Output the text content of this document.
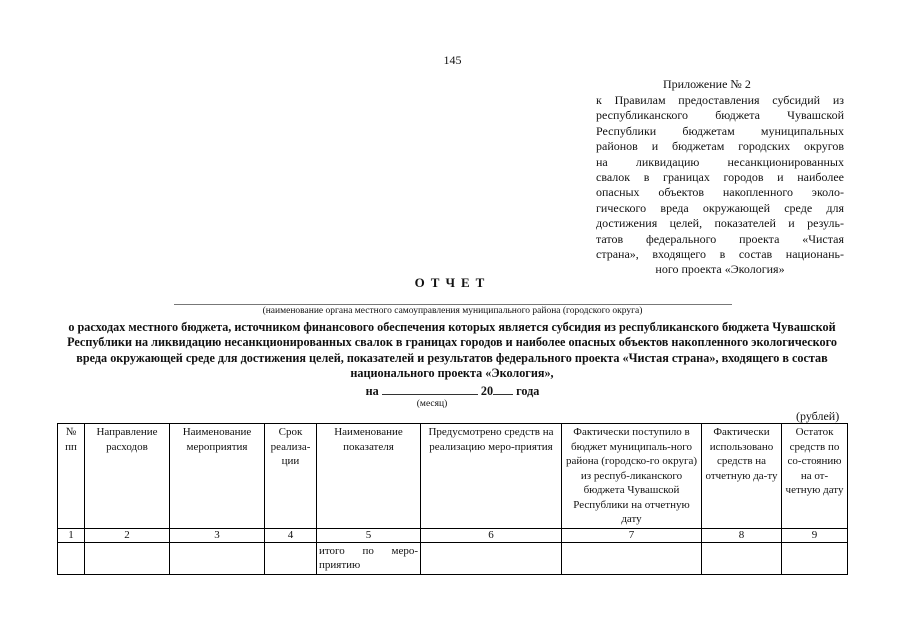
145
Приложение № 2
к Правилам предоставления субсидий из
республиканского бюджета Чувашской
Республики бюджетам муниципальных
районов и бюджетам городских округов
на ликвидацию несанкционированных
свалок в границах городов и наиболее
опасных объектов накопленного эколо-
гического вреда окружающей среде для
достижения целей, показателей и резуль-
татов федерального проекта «Чистая
страна», входящего в состав национань-
ного проекта «Экология»
ОТЧЕТ
(наименование органа местного самоуправления муниципального района (городского округа)
о расходах местного бюджета, источником финансового обеспечения которых является субсидия из республиканского бюджета Чувашской Республики на ликвидацию несанкционированных свалок в границах городов и наиболее опасных объектов накопленного экологического вреда окружающей среде для достижения целей, показателей и результатов федерального проекта «Чистая страна», входящего в состав национального проекта «Экология»,
на	20 года
(месяц)
(рублей)
№ пп	Направление расходов	Наименование мероприятия	Срок реализа-ции	Наименование показателя	Предусмотрено средств на реализацию меро-приятия	Фактически поступило в бюджет муниципаль-ного района (городско-го округа) из респуб-ликанского бюджета Чувашской Республики на отчетную дату	Фактически использовано средств на отчетную да-ту	Остаток средств по со-стоянию на от-четную дату
1	2	3	4	5	6	7	8	9
				итого по меро-приятию				
